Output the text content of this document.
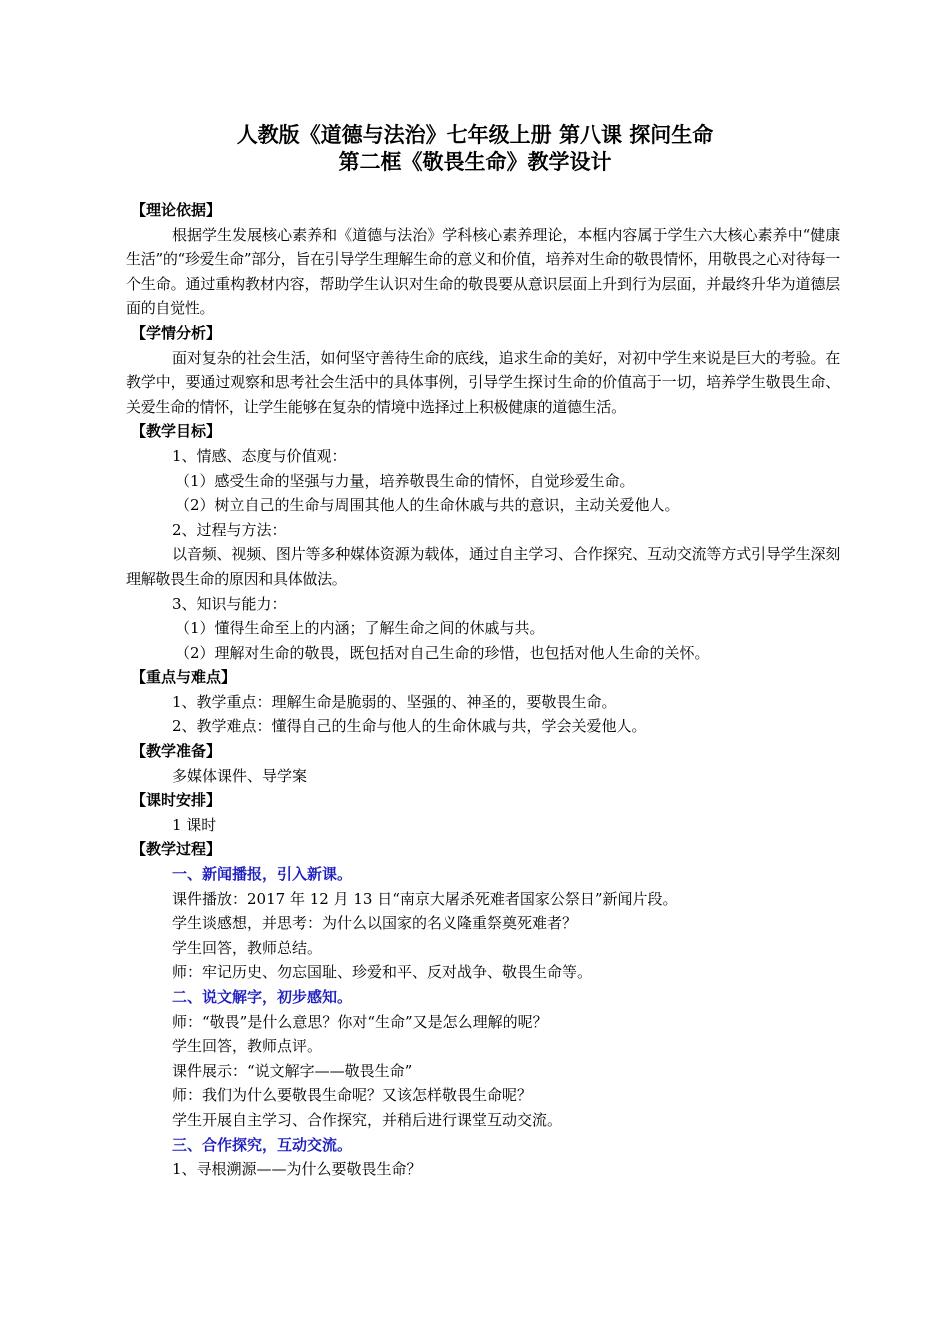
人教版《道德与法治》七年级上册 第八课 探问生命
第二框《敬畏生命》教学设计
【理论依据】
根据学生发展核心素养和《道德与法治》学科核心素养理论，本框内容属于学生六大核心素养中“健康生活”的“珍爱生命”部分，旨在引导学生理解生命的意义和价值，培养对生命的敬畏情怀，用敬畏之心对待每一个生命。通过重构教材内容，帮助学生认识对生命的敬畏要从意识层面上升到行为层面，并最终升华为道德层面的自觉性。
【学情分析】
面对复杂的社会生活，如何坚守善待生命的底线，追求生命的美好，对初中学生来说是巨大的考验。在教学中，要通过观察和思考社会生活中的具体事例，引导学生探讨生命的价值高于一切，培养学生敬畏生命、关爱生命的情怀，让学生能够在复杂的情境中选择过上积极健康的道德生活。
【教学目标】
1、情感、态度与价值观：
（1）感受生命的坚强与力量，培养敬畏生命的情怀，自觉珍爱生命。
（2）树立自己的生命与周围其他人的生命休戚与共的意识，主动关爱他人。
2、过程与方法：
以音频、视频、图片等多种媒体资源为载体，通过自主学习、合作探究、互动交流等方式引导学生深刻理解敬畏生命的原因和具体做法。
3、知识与能力：
（1）懂得生命至上的内涵；了解生命之间的休戚与共。
（2）理解对生命的敬畏，既包括对自己生命的珍惜，也包括对他人生命的关怀。
【重点与难点】
1、教学重点：理解生命是脆弱的、坚强的、神圣的，要敬畏生命。
2、教学难点：懂得自己的生命与他人的生命休戚与共，学会关爱他人。
【教学准备】
多媒体课件、导学案
【课时安排】
1 课时
【教学过程】
一、新闻播报，引入新课。
课件播放：2017 年 12 月 13 日“南京大屠杀死难者国家公祭日”新闻片段。
学生谈感想，并思考：为什么以国家的名义隆重祭奠死难者？
学生回答，教师总结。
师：牢记历史、勿忘国耻、珍爱和平、反对战争、敬畏生命等。
二、说文解字，初步感知。
师：“敬畏”是什么意思？你对“生命”又是怎么理解的呢？
学生回答，教师点评。
课件展示：“说文解字——敬畏生命”
师：我们为什么要敬畏生命呢？又该怎样敬畏生命呢？
学生开展自主学习、合作探究，并稍后进行课堂互动交流。
三、合作探究，互动交流。
1、寻根溯源——为什么要敬畏生命？
